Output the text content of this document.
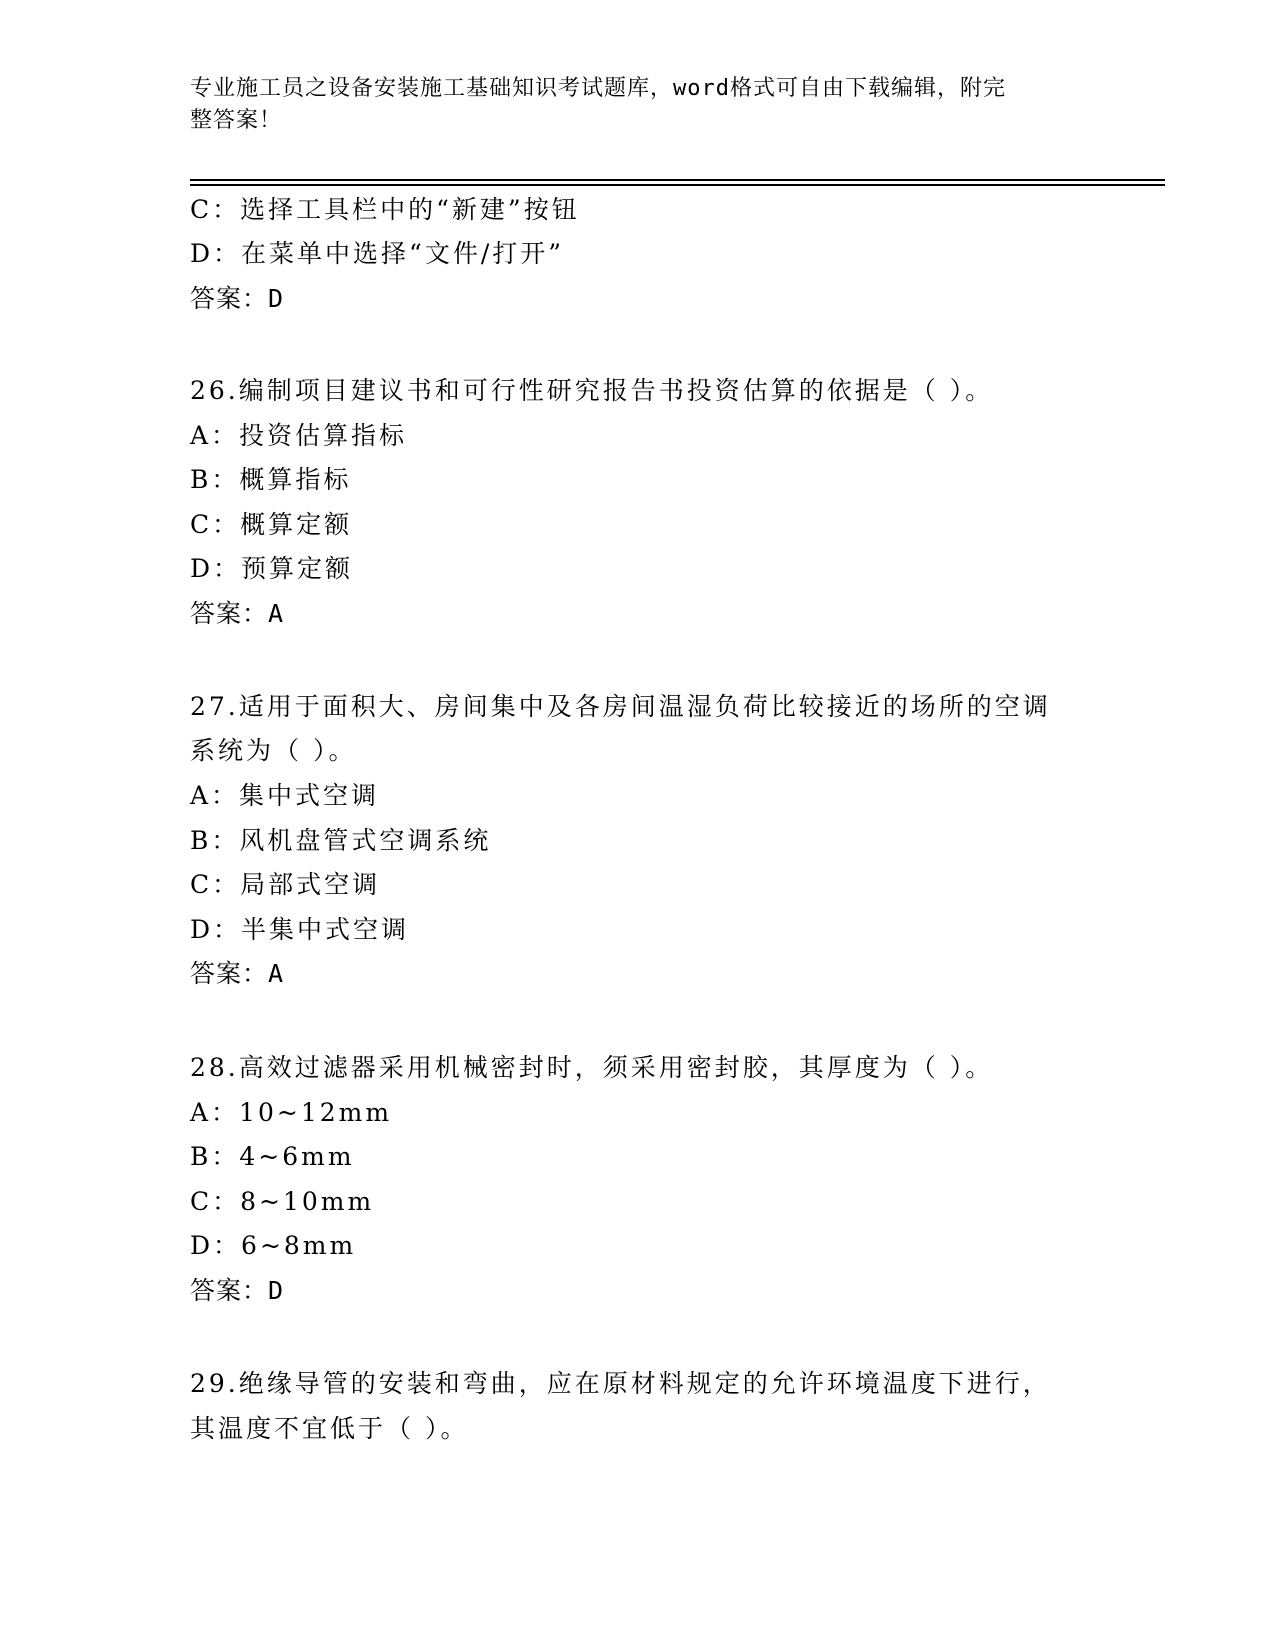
专业施工员之设备安装施工基础知识考试题库，word格式可自由下载编辑，附完
整答案！
C：选择工具栏中的“新建”按钮
D：在菜单中选择“文件/打开”
答案：D
26.编制项目建议书和可行性研究报告书投资估算的依据是（ ）。
A：投资估算指标
B：概算指标
C：概算定额
D：预算定额
答案：A
27.适用于面积大、房间集中及各房间温湿负荷比较接近的场所的空调
系统为（ ）。
A：集中式空调
B：风机盘管式空调系统
C：局部式空调
D：半集中式空调
答案：A
28.高效过滤器采用机械密封时，须采用密封胶，其厚度为（ ）。
A：10~12mm
B：4~6mm
C：8~10mm
D：6~8mm
答案：D
29.绝缘导管的安装和弯曲，应在原材料规定的允许环境温度下进行，
其温度不宜低于（ ）。
